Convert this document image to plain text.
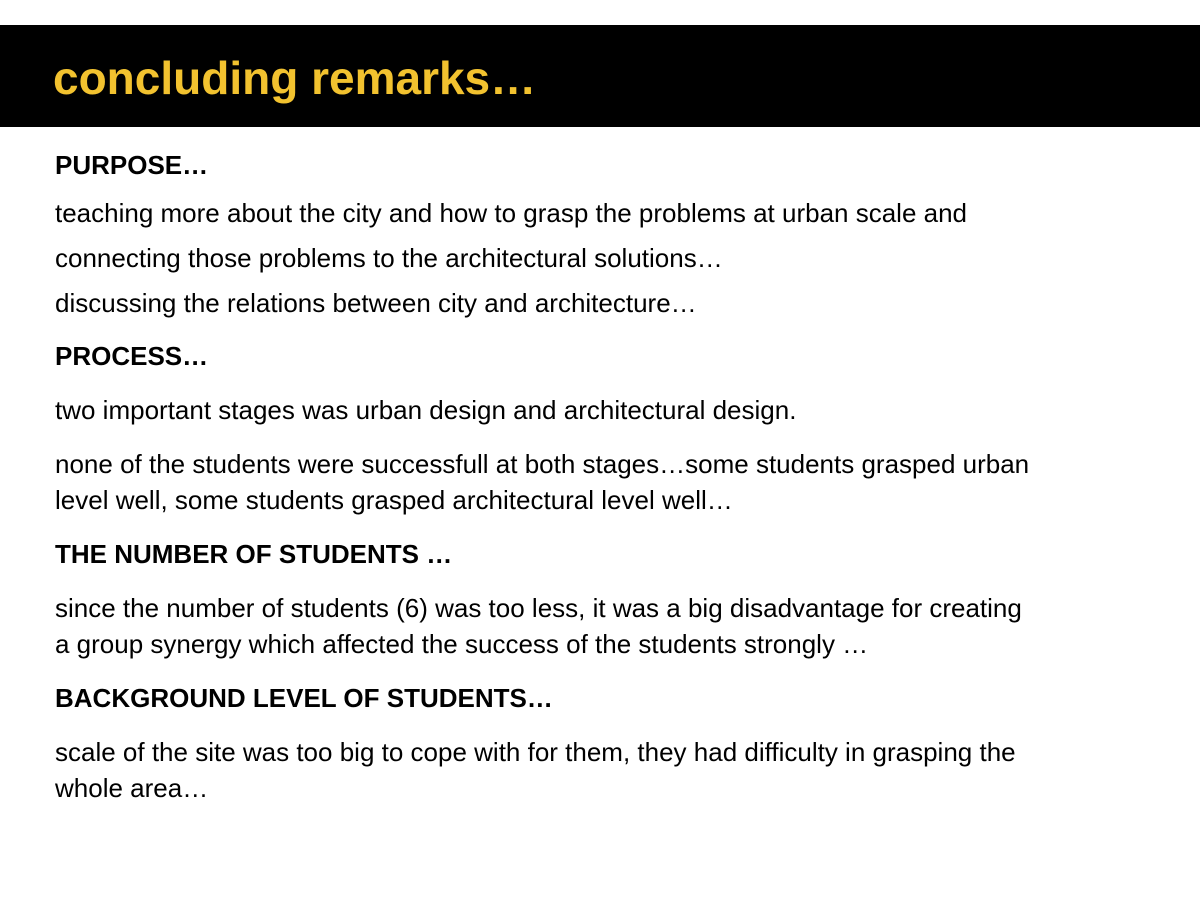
concluding remarks…
PURPOSE…
teaching more about the city and how to grasp the problems at urban scale and
connecting those problems to the architectural solutions…
discussing the relations between city and architecture…
PROCESS…
two important stages was urban design and architectural design.
none of the students were successfull at both stages…some students grasped urban
level well, some students grasped architectural level well…
THE NUMBER OF STUDENTS …
since the number of students (6) was too less, it was a big disadvantage for creating
a group synergy which affected the success of the students strongly …
BACKGROUND LEVEL OF STUDENTS…
scale of the site was too big to cope with for them, they had difficulty in grasping the
whole area…
